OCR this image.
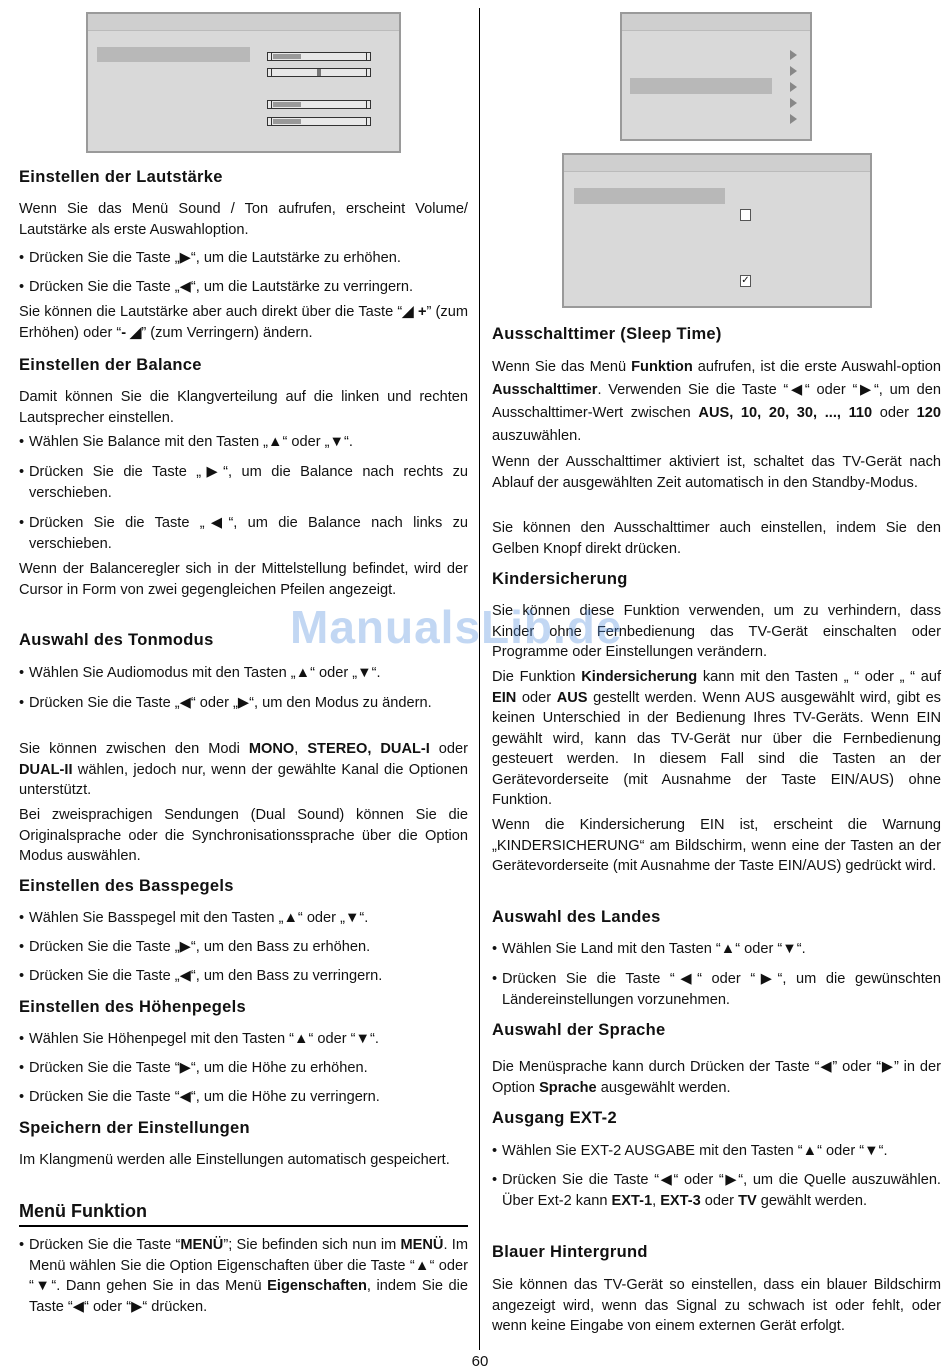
Einstellen der Lautstärke

Wenn Sie das Menü Sound / Ton aufrufen, erscheint Volume/ Lautstärke als erste Auswahloption.

• Drücken Sie die Taste „▶“, um die Lautstärke zu erhöhen.

• Drücken Sie die Taste „◀“, um die Lautstärke zu verringern.

Sie können die Lautstärke aber auch direkt über die Taste “◢ +” (zum Erhöhen) oder “- ◢” (zum Verringern) ändern.

Einstellen der Balance

Damit können Sie die Klangverteilung auf die linken und rechten Lautsprecher einstellen.

• Wählen Sie Balance mit den Tasten „▲“ oder „▼“.

• Drücken Sie die Taste „▶“, um die Balance nach rechts zu verschieben.

• Drücken Sie die Taste „◀“, um die Balance nach links zu verschieben.

Wenn der Balanceregler sich in der Mittelstellung befindet, wird der Cursor in Form von zwei gegengleichen Pfeilen angezeigt.

Auswahl des Tonmodus

• Wählen Sie Audiomodus mit den Tasten „▲“ oder „▼“.

• Drücken Sie die Taste „◀“ oder „▶“, um den Modus zu ändern.

Sie können zwischen den Modi MONO, STEREO, DUAL-I oder DUAL-II wählen, jedoch nur, wenn der gewählte Kanal die Optionen unterstützt.

Bei zweisprachigen Sendungen (Dual Sound) können Sie die Originalsprache oder die Synchronisationssprache über die Option Modus auswählen.

Einstellen des Basspegels

• Wählen Sie Basspegel mit den Tasten „▲“ oder „▼“.

• Drücken Sie die Taste „▶“, um den Bass zu erhöhen.

• Drücken Sie die Taste „◀“, um den Bass zu verringern.

Einstellen des Höhenpegels

• Wählen Sie Höhenpegel mit den Tasten “▲“ oder “▼“.

• Drücken Sie die Taste “▶“, um die Höhe zu erhöhen.

• Drücken Sie die Taste “◀“, um die Höhe zu verringern.

Speichern der Einstellungen

Im Klangmenü werden alle Einstellungen automatisch gespeichert.

Menü Funktion

• Drücken Sie die Taste “MENÜ”; Sie befinden sich nun im MENÜ. Im Menü wählen Sie die Option Eigenschaften über die Taste “▲“ oder “▼“. Dann gehen Sie in das Menü Eigenschaften, indem Sie die Taste “◀“ oder “▶“ drücken.

✓
Ausschalttimer (Sleep Time)

Wenn Sie das Menü Funktion aufrufen, ist die erste Auswahl-option Ausschalttimer. Verwenden Sie die Taste “◀“ oder “▶“, um den Ausschalttimer-Wert zwischen AUS, 10, 20, 30, ..., 110 oder 120 auszuwählen.

Wenn der Ausschalttimer aktiviert ist, schaltet das TV-Gerät nach Ablauf der ausgewählten Zeit automatisch in den Standby-Modus.

Sie können den Ausschalttimer auch einstellen, indem Sie den Gelben Knopf direkt drücken.

Kindersicherung

Sie können diese Funktion verwenden, um zu verhindern, dass Kinder ohne Fernbedienung das TV-Gerät einschalten oder Programme oder Einstellungen verändern.

Die Funktion Kindersicherung kann mit den Tasten „ “ oder „ “ auf EIN oder AUS gestellt werden. Wenn AUS ausgewählt wird, gibt es keinen Unterschied in der Bedienung Ihres TV-Geräts. Wenn EIN gewählt wird, kann das TV-Gerät nur über die Fernbedienung gesteuert werden. In diesem Fall sind die Tasten an der Gerätevorderseite (mit Ausnahme der Taste EIN/AUS) ohne Funktion.

Wenn die Kindersicherung EIN ist, erscheint die Warnung „KINDERSICHERUNG“ am Bildschirm, wenn eine der Tasten an der Gerätevorderseite (mit Ausnahme der Taste EIN/AUS) gedrückt wird.

Auswahl des Landes

• Wählen Sie Land mit den Tasten “▲“ oder “▼“.

• Drücken Sie die Taste “◀“ oder “▶“, um die gewünschten Ländereinstellungen vorzunehmen.

Auswahl der Sprache

Die Menüsprache kann durch Drücken der Taste “◀” oder “▶” in der Option Sprache ausgewählt werden.

Ausgang EXT-2

• Wählen Sie EXT-2 AUSGABE mit den Tasten “▲“ oder “▼“.

• Drücken Sie die Taste “◀“ oder “▶“, um die Quelle auszuwählen. Über Ext-2 kann EXT-1, EXT-3 oder TV gewählt werden.

Blauer Hintergrund

Sie können das TV-Gerät so einstellen, dass ein blauer Bildschirm angezeigt wird, wenn das Signal zu schwach ist oder fehlt, oder wenn keine Eingabe von einem externen Gerät erfolgt.

ManualsLib.de
60
